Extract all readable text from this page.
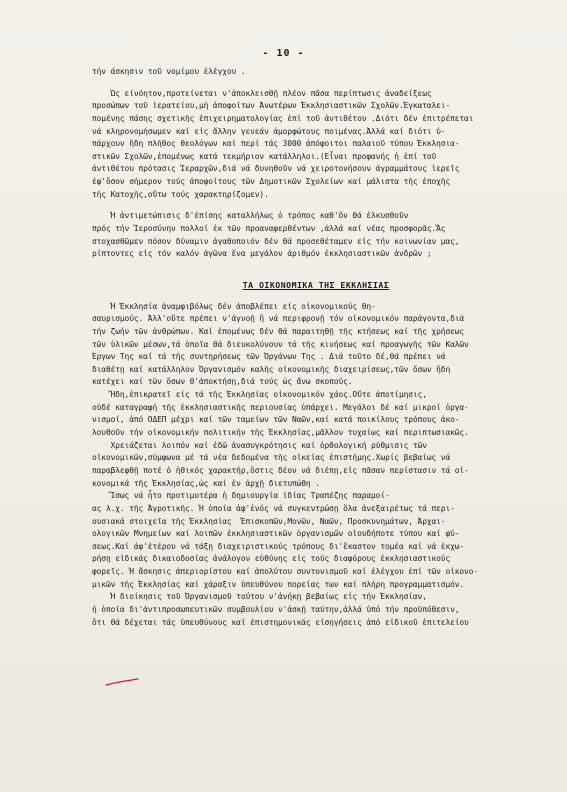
- 10 -
τήν άσκησιν τοῦ νομίμου ἐλέγχου .
Ὡς είνόητον,προτείνεται ν'ἀποκλεισθῇ πλέον πᾶσα περίπτωσις ἀναδείξεως
προσώπων τοῦ ἱερατείου,μή ἀποφοίτων Ἀνωτέρων Ἐκκλησιαστικῶν Σχολῶν.Ἐγκαταλει-
πομένης πάσης σχετικῆς ἐπιχειρηματολογίας ἐπί τοῦ ἀντιθέτου .Διότι δέν ἐπιτρέπεται
νά κληρονομήσωμεν καί εἰς ἄλλην γενεάν ἀμορφώτους ποιμένας.Ἀλλά καί διότι ὑ-
πάρχουν ἤδη πλῆθος θεολόγων καί περί τάς 3000 ἀπόφοιτοι παλαιοῦ τύπου Ἐκκλησια-
στικῶν Σχολῶν,ἐπομένως κατά τεκμήριον κατάλληλοι.(Εἶναι προφανής ἡ ἐπί τοῦ
ἀντιθέτου πρότασις Ἱεραρχῶν,διά νά δυνηθοῦν νά χειροτονήσουν ἀγραμμάτους ἱερεῖς
ἐφ'ὅσον σήμερον τούς ἀποφοίτους τῶν Δημοτικῶν Σχολείων καί μάλιστα τῆς ἐποχῆς
τῆς Κατοχῆς,οὕτω τούς χαρακτηρίζομεν).
Ἡ ἀντιμετώπισις δ'ἐπίσης καταλλήλως ὁ τρόπος καθ'ὅν θά ἑλκυσθοῦν
πρός τήν Ἱεροσύνην πολλοί ἐκ τῶν προαναφερθέντων ,ἀλλά καί νέας προσφορᾶς.Ἄς
στοχασθῶμεν πόσον δύναμιν ἀγαθοποιόν δέν θά προσεθέταμεν εἰς τήν κοινωνίαν μας,
ρίπτοντες εἰς τόν καλόν ἀγῶνα ἕνα μεγάλον ἀριθμόν ἐκκλησιαστικῶν ἀνδρῶν ;
ΤΑ ΟΙΚΟΝΟΜΙΚΑ ΤΗΣ ΕΚΚΛΗΣΙΑΣ
Ἡ Ἐκκλησία ἀναμφιβόλως δέν ἀποβλέπει εἰς οἰκονομικούς θη-
σαυρισμούς. Ἀλλ'οὔτε πρέπει ν'ἀγνοῇ ἤ νά περιφρονῇ τόν οἰκονομικόν παράγοντα,διά
τήν ζωήν τῶν ἀνθρώπων. Καί ἐπομένως δέν θά παραιτηθῇ τῆς κτήσεως καί τῆς χρήσεως
τῶν ὑλικῶν μέσων,τά ὁποῖα θά διευκολύνουν τά τῆς κινήσεως καί προαγωγῆς τῶν Καλῶν
Ἔργων Της καί τά τῆς συντηρήσεως τῶν Ὀργάνων Της . Διά τοῦτο δέ,θά πρέπει νά
διαθέτῃ καί κατάλληλον Ὀργανισμόν καλῆς οἰκονομικῆς διαχειρίσεως,τῶν ὅσων ἤδη
κατέχει καί τῶν ὅσων θ'ἀποκτήσῃ,διά τούς ὡς ἄνω σκοπούς.
Ἤδη,ἐπικρατεῖ εἰς τά τῆς Ἐκκλησίας οἰκονομικόν χάος.Οὔτε ἀποτίμησις,
οὐδέ καταγραφή τῆς ἐκκλησιαστικῆς περιουσίας ὑπάρχει. Μεγάλοι δέ καί μικροί ὀργα-
νισμοί, ἀπό ΟΔΕΠ μέχρι καί τῶν ταμείων τῶν Ναῶν,καί κατά ποικίλους τρόπους ἀκο-
λουθοῦν τήν οἰκονομικήν πολιτικήν τῆς Ἐκκλησίας,μᾶλλον τυχαίως καί περιπτωσιακῶς.
Χρειάζεται λοιπόν καί ἐδῶ ἀνασυγκρότησις καί ὀρθολογική ρύθμισις τῶν
οἰκονομικῶν,σύμφωνα μέ τά νέα δεδομένα τῆς οἰκείας ἐπιστήμης.Χωρίς βεβαίως νά
παραβλεφθῇ ποτέ ὁ ἠθικός χαρακτήρ,ὅστις δέον νά διέπῃ,εἰς πᾶσαν περίστασιν τά οἰ-
κονομικά τῆς Ἐκκλησίας,ὡς καί ἐν ἀρχῇ διετυπώθη .
Ἴσως νά ἦτο προτιμοτέρα ἡ δημιουργία ἰδίας Τραπέζης παραμοί-
ας λ.χ. τῆς Ἀγροτικῆς. Ἡ ὁποία ἀφ'ἑνός νά συγκεντρώσῃ ὅλα ἀνεξαιρέτως τά περι-
ουσιακά στοιχεῖα τῆς Ἐκκλησίας  Ἐπισκοπῶν,Μονῶν, Ναῶν, Προσκυνημάτων, Ἀρχαι-
ολογικῶν Μνημείων καί λοιπῶν ἐκκλησιαστικῶν ὀργανισμῶν οἱουδήποτε τύπου καί φύ-
σεως.Καί ἀφ'ἑτέρου νά τάξῃ διαχειριστικούς τρόπους δι'ἕκαστον τομέα καί νά ἐκχω-
ρήσῃ εἰδικάς δικαιοδοσίας ἀνάλογον εὐθύνης εἰς τούς διαφόρους ἐκκλησιαστικούς
φορεῖς. Ἡ ἄσκησις ἀπεριορίστου καί ἀπολύτου συντονισμοῦ καί ἐλέγχου ἐπί τῶν οἰκονο-
μικῶν τῆς Ἐκκλησίας καί χάραξιν ὑπευθύνου πορείας των καί πλήρη προγραμματισμόν.
Ἡ διοίκησις τοῦ Ὀργανισμοῦ τούτου ν'ἀνήκῃ βεβαίως εἰς τήν Ἐκκλησίαν,
ἡ ὁποία δι'ἀντιπροσωπευτικῶν συμβουλίου ν'ἀσκῇ ταύτην,ἀλλά ὑπό τήν προϋπόθεσιν,
ὅτι θά δέχεται τάς ὑπευθύνους καί ἐπιστημονικάς εἰσηγήσεις ἀπό εἰδικοῦ ἐπιτελείου
